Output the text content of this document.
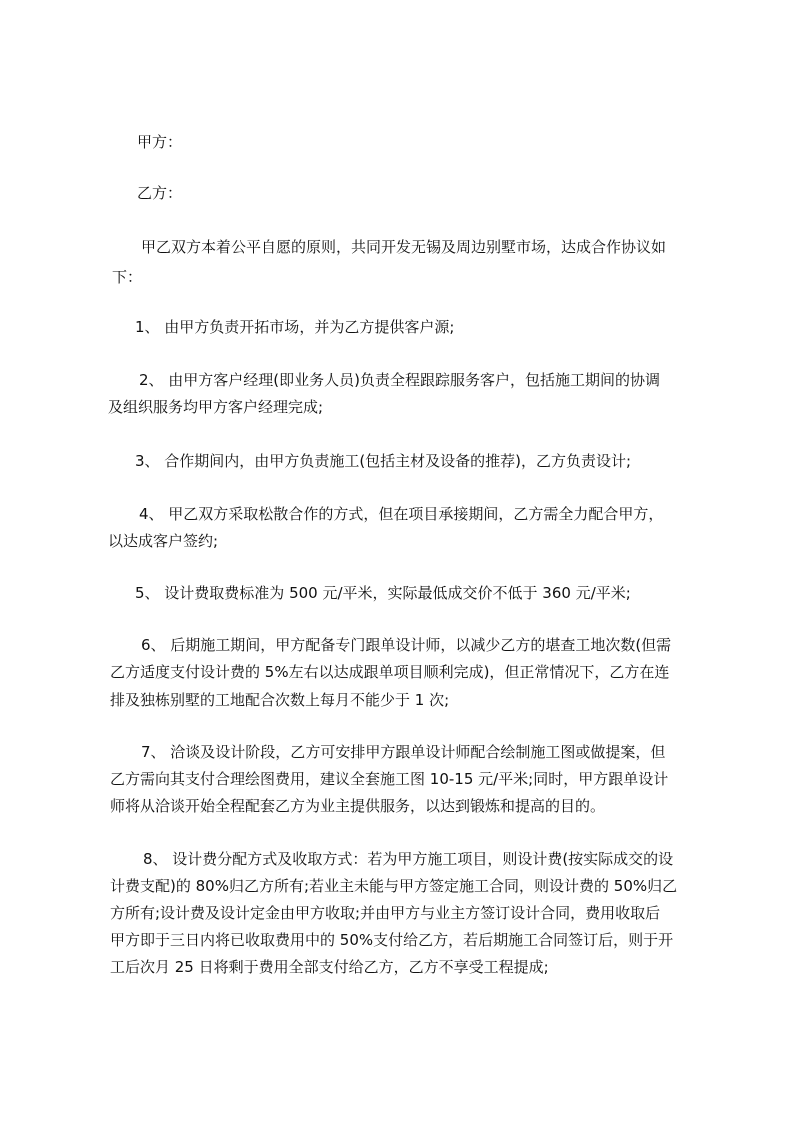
甲方：
乙方：
甲乙双方本着公平自愿的原则，共同开发无锡及周边别墅市场，达成合作协议如
下：
1、 由甲方负责开拓市场，并为乙方提供客户源;
2、 由甲方客户经理(即业务人员)负责全程跟踪服务客户，包括施工期间的协调
及组织服务均甲方客户经理完成;
3、 合作期间内，由甲方负责施工(包括主材及设备的推荐)，乙方负责设计;
4、 甲乙双方采取松散合作的方式，但在项目承接期间，乙方需全力配合甲方，
以达成客户签约;
5、 设计费取费标准为 500 元/平米，实际最低成交价不低于 360 元/平米;
6、 后期施工期间，甲方配备专门跟单设计师，以减少乙方的堪查工地次数(但需
乙方适度支付设计费的 5%左右以达成跟单项目顺利完成)，但正常情况下，乙方在连
排及独栋别墅的工地配合次数上每月不能少于 1 次;
7、 洽谈及设计阶段，乙方可安排甲方跟单设计师配合绘制施工图或做提案，但
乙方需向其支付合理绘图费用，建议全套施工图 10-15 元/平米;同时，甲方跟单设计
师将从洽谈开始全程配套乙方为业主提供服务，以达到锻炼和提高的目的。
8、 设计费分配方式及收取方式：若为甲方施工项目，则设计费(按实际成交的设
计费支配)的 80%归乙方所有;若业主未能与甲方签定施工合同，则设计费的 50%归乙
方所有;设计费及设计定金由甲方收取;并由甲方与业主方签订设计合同，费用收取后
甲方即于三日内将已收取费用中的 50%支付给乙方，若后期施工合同签订后，则于开
工后次月 25 日将剩于费用全部支付给乙方，乙方不享受工程提成;
